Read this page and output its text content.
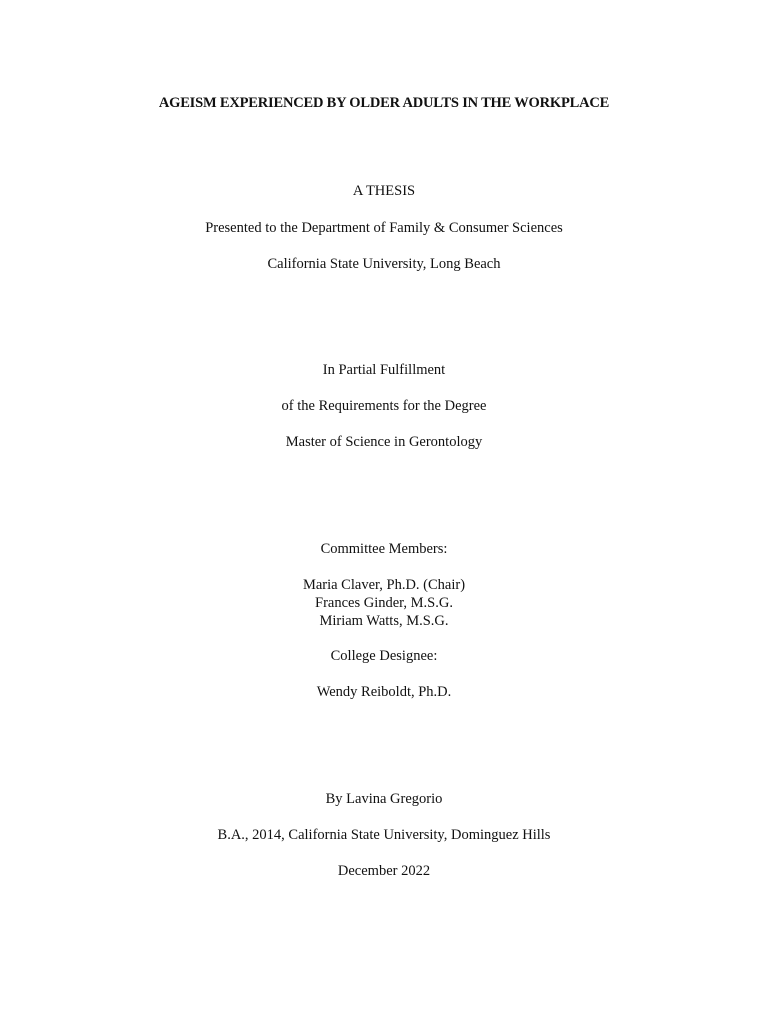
AGEISM EXPERIENCED BY OLDER ADULTS IN THE WORKPLACE
A THESIS
Presented to the Department of Family & Consumer Sciences
California State University, Long Beach
In Partial Fulfillment
of the Requirements for the Degree
Master of Science in Gerontology
Committee Members:
Maria Claver, Ph.D. (Chair)
Frances Ginder, M.S.G.
Miriam Watts, M.S.G.
College Designee:
Wendy Reiboldt, Ph.D.
By Lavina Gregorio
B.A., 2014, California State University, Dominguez Hills
December 2022
